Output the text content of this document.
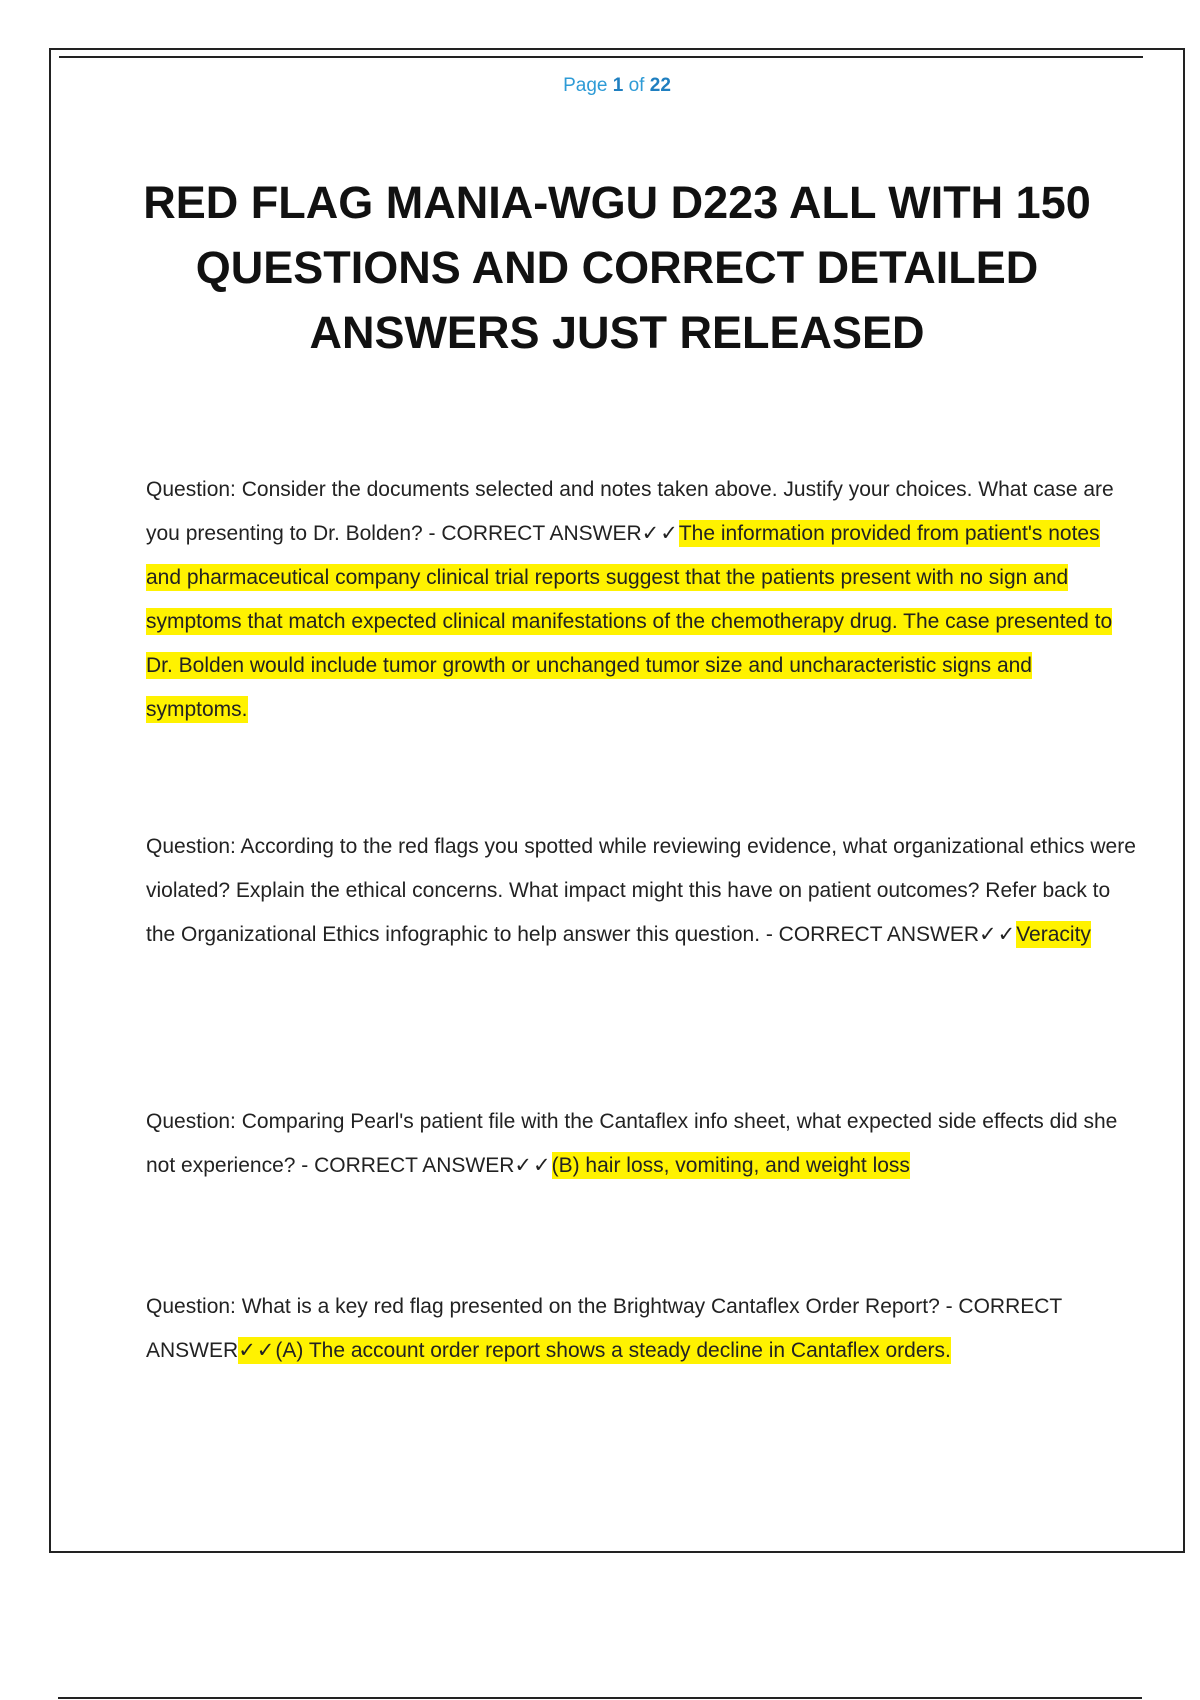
Page 1 of 22
RED FLAG MANIA-WGU D223 ALL WITH 150 QUESTIONS AND CORRECT DETAILED ANSWERS JUST RELEASED
Question: Consider the documents selected and notes taken above. Justify your choices. What case are you presenting to Dr. Bolden? - CORRECT ANSWER✓✓The information provided from patient's notes and pharmaceutical company clinical trial reports suggest that the patients present with no sign and symptoms that match expected clinical manifestations of the chemotherapy drug. The case presented to Dr. Bolden would include tumor growth or unchanged tumor size and uncharacteristic signs and symptoms.
Question: According to the red flags you spotted while reviewing evidence, what organizational ethics were violated? Explain the ethical concerns. What impact might this have on patient outcomes? Refer back to the Organizational Ethics infographic to help answer this question. - CORRECT ANSWER✓✓Veracity
Question: Comparing Pearl's patient file with the Cantaflex info sheet, what expected side effects did she not experience? - CORRECT ANSWER✓✓(B) hair loss, vomiting, and weight loss
Question: What is a key red flag presented on the Brightway Cantaflex Order Report? - CORRECT ANSWER✓✓(A) The account order report shows a steady decline in Cantaflex orders.
